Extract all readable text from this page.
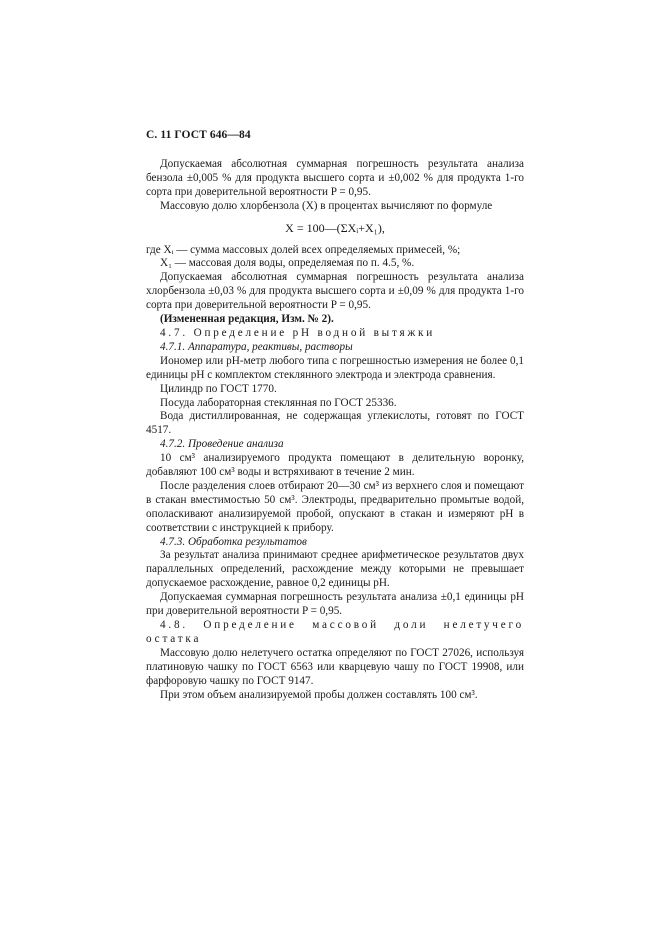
С. 11 ГОСТ 646—84

Допускаемая абсолютная суммарная погрешность результата анализа бензола ±0,005 % для продукта высшего сорта и ±0,002 % для продукта 1-го сорта при доверительной вероятности P = 0,95.

Массовую долю хлорбензола (X) в процентах вычисляют по формуле

X = 100—(ΣXᵢ+X₁),

где Xᵢ — сумма массовых долей всех определяемых примесей, %;

X₁ — массовая доля воды, определяемая по п. 4.5, %.

Допускаемая абсолютная суммарная погрешность результата анализа хлорбензола ±0,03 % для продукта высшего сорта и ±0,09 % для продукта 1-го сорта при доверительной вероятности P = 0,95.

(Измененная редакция, Изм. № 2).

4.7. Определение рН водной вытяжки

4.7.1. Аппаратура, реактивы, растворы

Иономер или рН-метр любого типа с погрешностью измерения не более 0,1 единицы рН с комплектом стеклянного электрода и электрода сравнения.

Цилиндр по ГОСТ 1770.

Посуда лабораторная стеклянная по ГОСТ 25336.

Вода дистиллированная, не содержащая углекислоты, готовят по ГОСТ 4517.

4.7.2. Проведение анализа

10 см³ анализируемого продукта помещают в делительную воронку, добавляют 100 см³ воды и встряхивают в течение 2 мин.

После разделения слоев отбирают 20—30 см³ из верхнего слоя и помещают в стакан вместимостью 50 см³. Электроды, предварительно промытые водой, ополаскивают анализируемой пробой, опускают в стакан и измеряют рН в соответствии с инструкцией к прибору.

4.7.3. Обработка результатов

За результат анализа принимают среднее арифметическое результатов двух параллельных определений, расхождение между которыми не превышает допускаемое расхождение, равное 0,2 единицы рН.

Допускаемая суммарная погрешность результата анализа ±0,1 единицы рН при доверительной вероятности P = 0,95.

4.8. Определение массовой доли нелетучего остатка

Массовую долю нелетучего остатка определяют по ГОСТ 27026, используя платиновую чашку по ГОСТ 6563 или кварцевую чашу по ГОСТ 19908, или фарфоровую чашку по ГОСТ 9147.

При этом объем анализируемой пробы должен составлять 100 см³.
